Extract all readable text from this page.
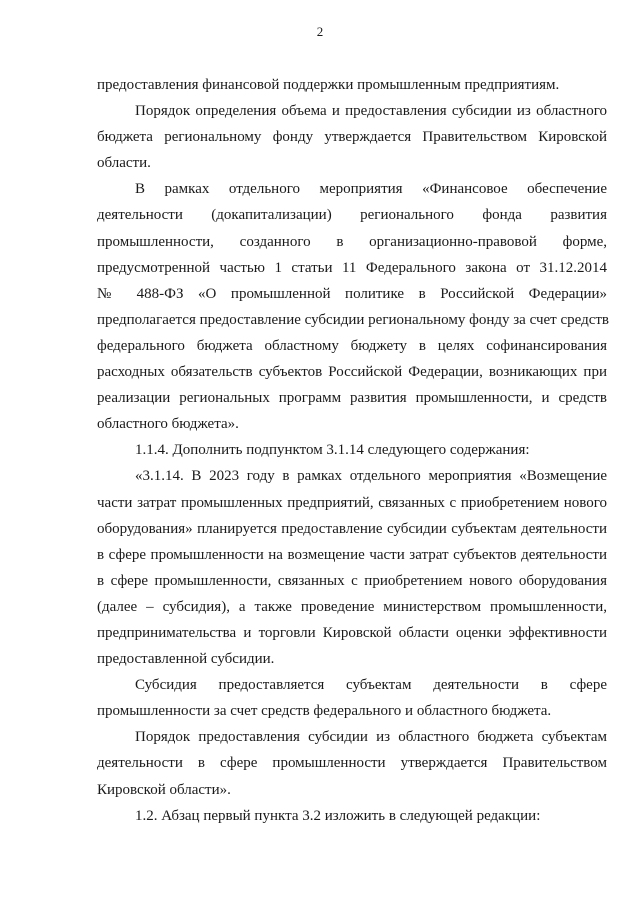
2
предоставления финансовой поддержки промышленным предприятиям.
Порядок определения объема и предоставления субсидии из областного
бюджета региональному фонду утверждается Правительством Кировской
области.
В рамках отдельного мероприятия «Финансовое обеспечение
деятельности (докапитализации) регионального фонда развития
промышленности, созданного в организационно-правовой форме,
предусмотренной частью 1 статьи 11 Федерального закона от 31.12.2014
№ 488-ФЗ «О промышленной политике в Российской Федерации»
предполагается предоставление субсидии региональному фонду за счет средств
федерального бюджета областному бюджету в целях софинансирования
расходных обязательств субъектов Российской Федерации, возникающих при
реализации региональных программ развития промышленности, и средств
областного бюджета».
1.1.4. Дополнить подпунктом 3.1.14 следующего содержания:
«3.1.14. В 2023 году в рамках отдельного мероприятия «Возмещение
части затрат промышленных предприятий, связанных с приобретением нового
оборудования» планируется предоставление субсидии субъектам деятельности
в сфере промышленности на возмещение части затрат субъектов деятельности
в сфере промышленности, связанных с приобретением нового оборудования
(далее – субсидия), а также проведение министерством промышленности,
предпринимательства и торговли Кировской области оценки эффективности
предоставленной субсидии.
Субсидия предоставляется субъектам деятельности в сфере
промышленности за счет средств федерального и областного бюджета.
Порядок предоставления субсидии из областного бюджета субъектам
деятельности в сфере промышленности утверждается Правительством
Кировской области».
1.2. Абзац первый пункта 3.2 изложить в следующей редакции:
